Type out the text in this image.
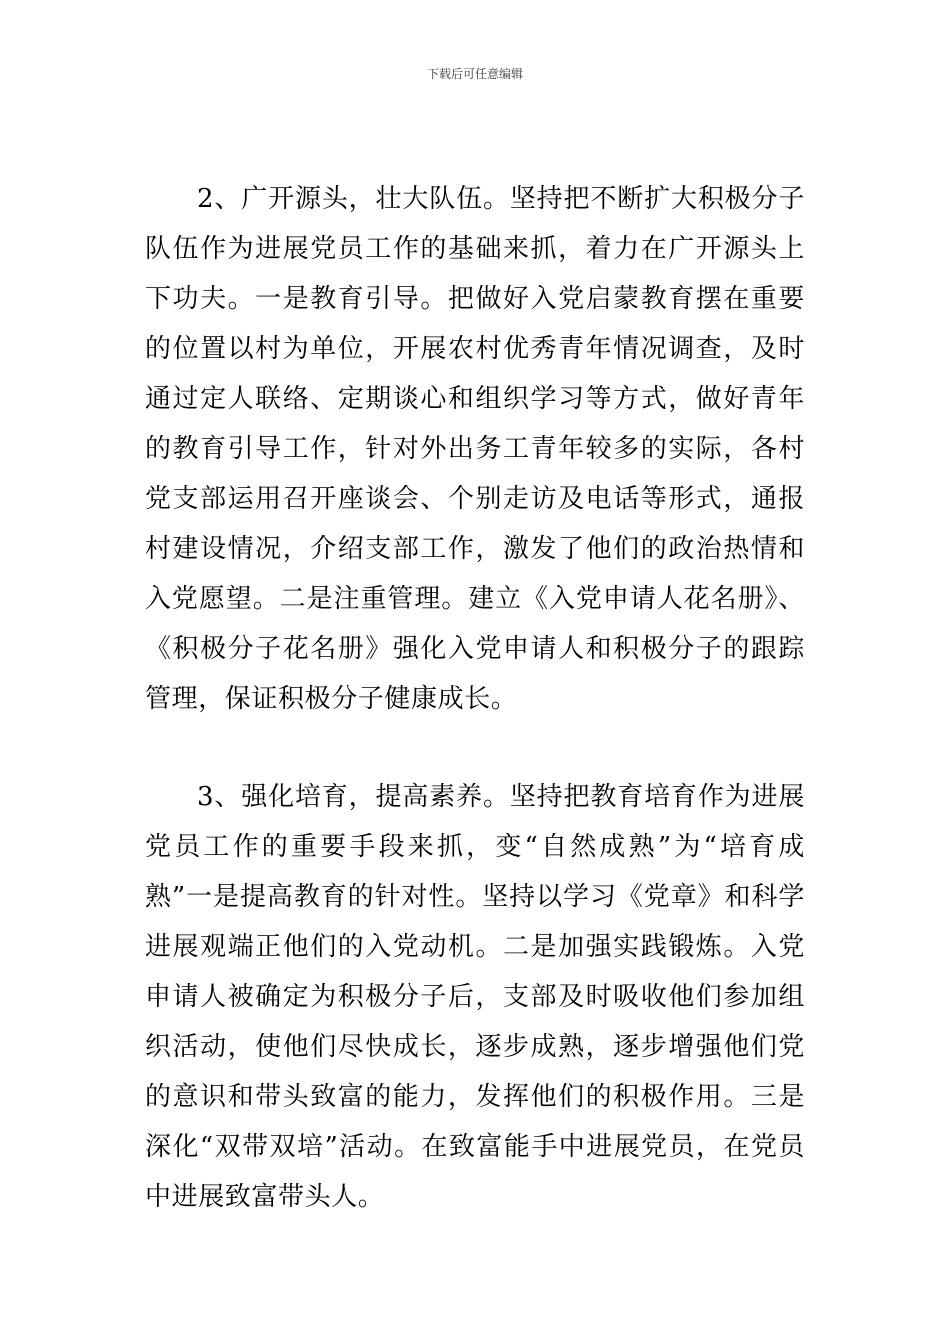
下载后可任意编辑

2、广开源头，壮大队伍。坚持把不断扩大积极分子队伍作为进展党员工作的基础来抓，着力在广开源头上下功夫。一是教育引导。把做好入党启蒙教育摆在重要的位置以村为单位，开展农村优秀青年情况调查，及时通过定人联络、定期谈心和组织学习等方式，做好青年的教育引导工作，针对外出务工青年较多的实际，各村党支部运用召开座谈会、个别走访及电话等形式，通报村建设情况，介绍支部工作，激发了他们的政治热情和入党愿望。二是注重管理。建立《入党申请人花名册》、《积极分子花名册》强化入党申请人和积极分子的跟踪管理，保证积极分子健康成长。

3、强化培育，提高素养。坚持把教育培育作为进展党员工作的重要手段来抓，变“自然成熟”为“培育成熟”一是提高教育的针对性。坚持以学习《党章》和科学进展观端正他们的入党动机。二是加强实践锻炼。入党申请人被确定为积极分子后，支部及时吸收他们参加组织活动，使他们尽快成长，逐步成熟，逐步增强他们党的意识和带头致富的能力，发挥他们的积极作用。三是深化“双带双培”活动。在致富能手中进展党员，在党员中进展致富带头人。
